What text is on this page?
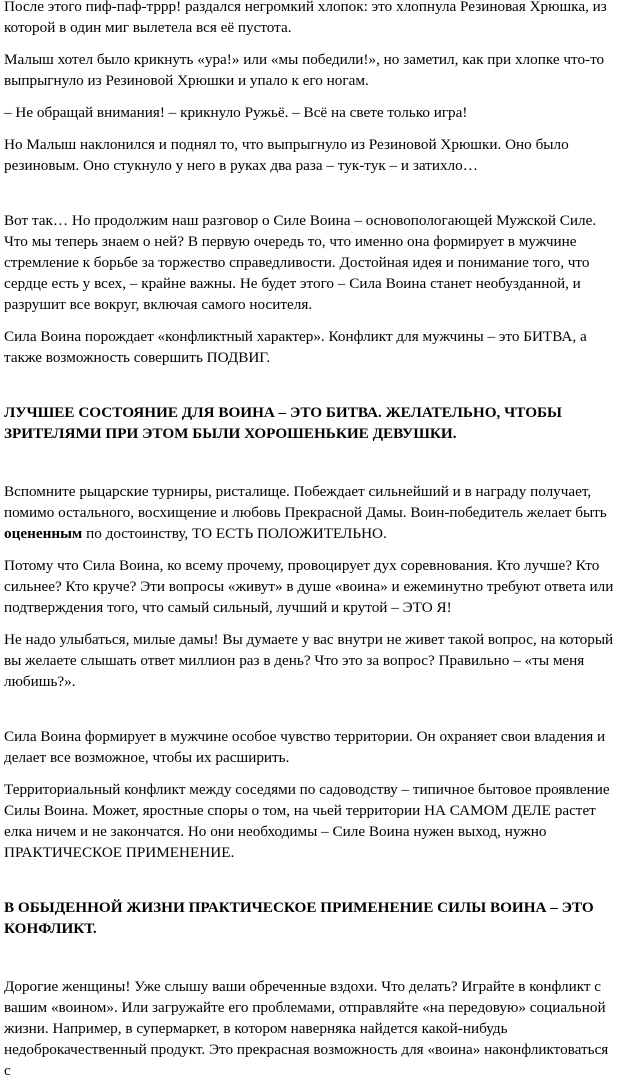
После этого пиф-паф-тррр! раздался негромкий хлопок: это хлопнула Резиновая Хрюшка, из которой в один миг вылетела вся её пустота.

Малыш хотел было крикнуть «ура!» или «мы победили!», но заметил, как при хлопке что-то выпрыгнуло из Резиновой Хрюшки и упало к его ногам.

– Не обращай внимания! – крикнуло Ружьё. – Всё на свете только игра!

Но Малыш наклонился и поднял то, что выпрыгнуло из Резиновой Хрюшки. Оно было резиновым. Оно стукнуло у него в руках два раза – тук-тук – и затихло…

Вот так… Но продолжим наш разговор о Силе Воина – основопологающей Мужской Силе. Что мы теперь знаем о ней? В первую очередь то, что именно она формирует в мужчине стремление к борьбе за торжество справедливости. Достойная идея и понимание того, что сердце есть у всех, – крайне важны. Не будет этого – Сила Воина станет необузданной, и разрушит все вокруг, включая самого носителя.

Сила Воина порождает «конфликтный характер». Конфликт для мужчины – это БИТВА, а также возможность совершить ПОДВИГ.

ЛУЧШЕЕ СОСТОЯНИЕ ДЛЯ ВОИНА – ЭТО БИТВА. ЖЕЛАТЕЛЬНО, ЧТОБЫ ЗРИТЕЛЯМИ ПРИ ЭТОМ БЫЛИ ХОРОШЕНЬКИЕ ДЕВУШКИ.

Вспомните рыцарские турниры, ристалище. Побеждает сильнейший и в награду получает, помимо остального, восхищение и любовь Прекрасной Дамы. Воин-победитель желает быть оцененным по достоинству, ТО ЕСТЬ ПОЛОЖИТЕЛЬНО.

Потому что Сила Воина, ко всему прочему, провоцирует дух соревнования. Кто лучше? Кто сильнее? Кто круче? Эти вопросы «живут» в душе «воина» и ежеминутно требуют ответа или подтверждения того, что самый сильный, лучший и крутой – ЭТО Я!

Не надо улыбаться, милые дамы! Вы думаете у вас внутри не живет такой вопрос, на который вы желаете слышать ответ миллион раз в день? Что это за вопрос? Правильно – «ты меня любишь?».

Сила Воина формирует в мужчине особое чувство территории. Он охраняет свои владения и делает все возможное, чтобы их расширить.

Территориальный конфликт между соседями по садоводству – типичное бытовое проявление Силы Воина. Может, яростные споры о том, на чьей территории НА САМОМ ДЕЛЕ растет елка ничем и не закончатся. Но они необходимы – Силе Воина нужен выход, нужно ПРАКТИЧЕСКОЕ ПРИМЕНЕНИЕ.

В ОБЫДЕННОЙ ЖИЗНИ ПРАКТИЧЕСКОЕ ПРИМЕНЕНИЕ СИЛЫ ВОИНА – ЭТО КОНФЛИКТ.

Дорогие женщины! Уже слышу ваши обреченные вздохи. Что делать? Играйте в конфликт с вашим «воином». Или загружайте его проблемами, отправляйте «на передовую» социальной жизни. Например, в супермаркет, в котором наверняка найдется какой-нибудь недоброкачественный продукт. Это прекрасная возможность для «воина» наконфликтоваться с
